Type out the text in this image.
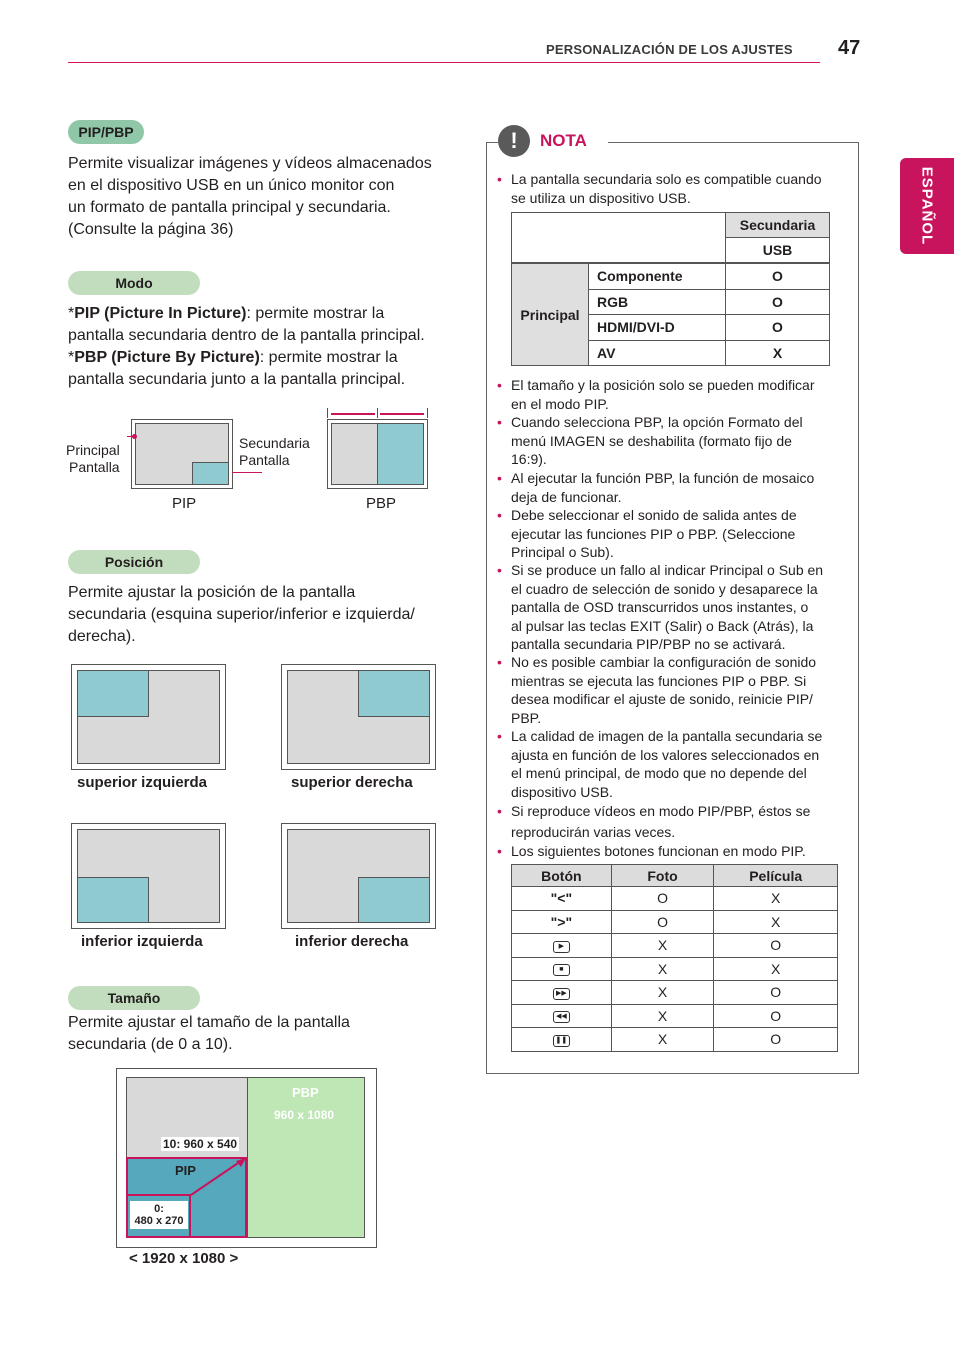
PERSONALIZACIÓN DE LOS AJUSTES 47
ESPAÑOL
PIP/PBP
Permite visualizar imágenes y vídeos almacenados
en el dispositivo USB en un único monitor con
un formato de pantalla principal y secundaria.
(Consulte la página 36)
Modo
*PIP (Picture In Picture): permite mostrar la
pantalla secundaria dentro de la pantalla principal.
*PBP (Picture By Picture): permite mostrar la
pantalla secundaria junto a la pantalla principal.
Principal
Pantalla
Secundaria
Pantalla
PIP	PBP
Posición
Permite ajustar la posición de la pantalla
secundaria (esquina superior/inferior e izquierda/
derecha).
superior izquierda	superior derecha
inferior izquierda	inferior derecha
Tamaño
Permite ajustar el tamaño de la pantalla
secundaria (de 0 a 10).
PBP
960 x 1080
10: 960 x 540
PIP
0:
480 x 270
< 1920 x 1080 >
!	NOTA
• La pantalla secundaria solo es compatible cuando
se utiliza un dispositivo USB.
	Secundaria
USB
Principal	Componente	O
	RGB	O
	HDMI/DVI-D	O
	AV	X
• El tamaño y la posición solo se pueden modificar
en el modo PIP.
• Cuando selecciona PBP, la opción Formato del
menú IMAGEN se deshabilita (formato fijo de
16:9).
• Al ejecutar la función PBP, la función de mosaico
deja de funcionar.
• Debe seleccionar el sonido de salida antes de
ejecutar las funciones PIP o PBP. (Seleccione
Principal o Sub).
• Si se produce un fallo al indicar Principal o Sub en
el cuadro de selección de sonido y desaparece la
pantalla de OSD transcurridos unos instantes, o
al pulsar las teclas EXIT (Salir) o Back (Atrás), la
pantalla secundaria PIP/PBP no se activará.
• No es posible cambiar la configuración de sonido
mientras se ejecuta las funciones PIP o PBP. Si
desea modificar el ajuste de sonido, reinicie PIP/
PBP.
• La calidad de imagen de la pantalla secundaria se
ajusta en función de los valores seleccionados en
el menú principal, de modo que no depende del
dispositivo USB.
• Si reproduce vídeos en modo PIP/PBP, éstos se
reproducirán varias veces.
• Los siguientes botones funcionan en modo PIP.
Botón	Foto	Película
"<"	O	X
">"	O	X
▶	X	O
■	X	X
▶▶	X	O
◀◀	X	O
❚❚	X	O
